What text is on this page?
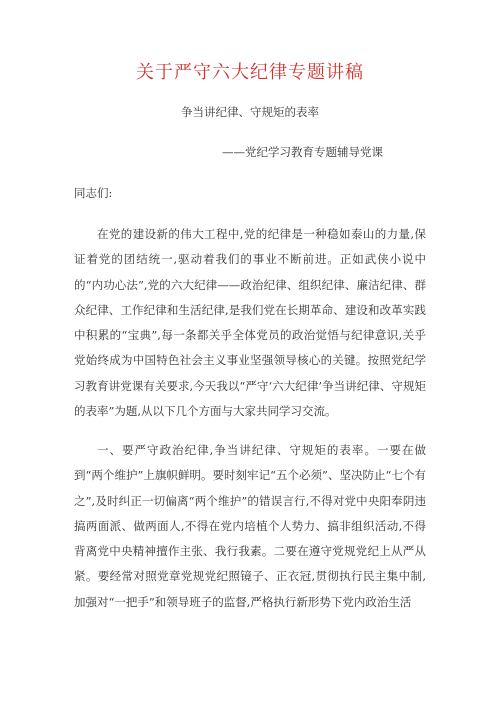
关于严守六大纪律专题讲稿
争当讲纪律、守规矩的表率
——党纪学习教育专题辅导党课
同志们:

在党的建设新的伟大工程中,党的纪律是一种稳如泰山的力量,保证着党的团结统一,驱动着我们的事业不断前进。正如武侠小说中的“内功心法”,党的六大纪律——政治纪律、组织纪律、廉洁纪律、群众纪律、工作纪律和生活纪律,是我们党在长期革命、建设和改革实践中积累的“宝典”,每一条都关乎全体党员的政治觉悟与纪律意识,关乎党始终成为中国特色社会主义事业坚强领导核心的关键。按照党纪学习教育讲党课有关要求,今天我以“严守‘六大纪律’争当讲纪律、守规矩的表率”为题,从以下几个方面与大家共同学习交流。

一、要严守政治纪律,争当讲纪律、守规矩的表率。一要在做到“两个维护”上旗帜鲜明。要时刻牢记“五个必须”、坚决防止“七个有之”,及时纠正一切偏离“两个维护”的错误言行,不得对党中央阳奉阴违搞两面派、做两面人,不得在党内培植个人势力、搞非组织活动,不得背离党中央精神擅作主张、我行我素。二要在遵守党规党纪上从严从紧。要经常对照党章党规党纪照镜子、正衣冠,贯彻执行民主集中制,加强对“一把手”和领导班子的监督,严格执行新形势下党内政治生活
